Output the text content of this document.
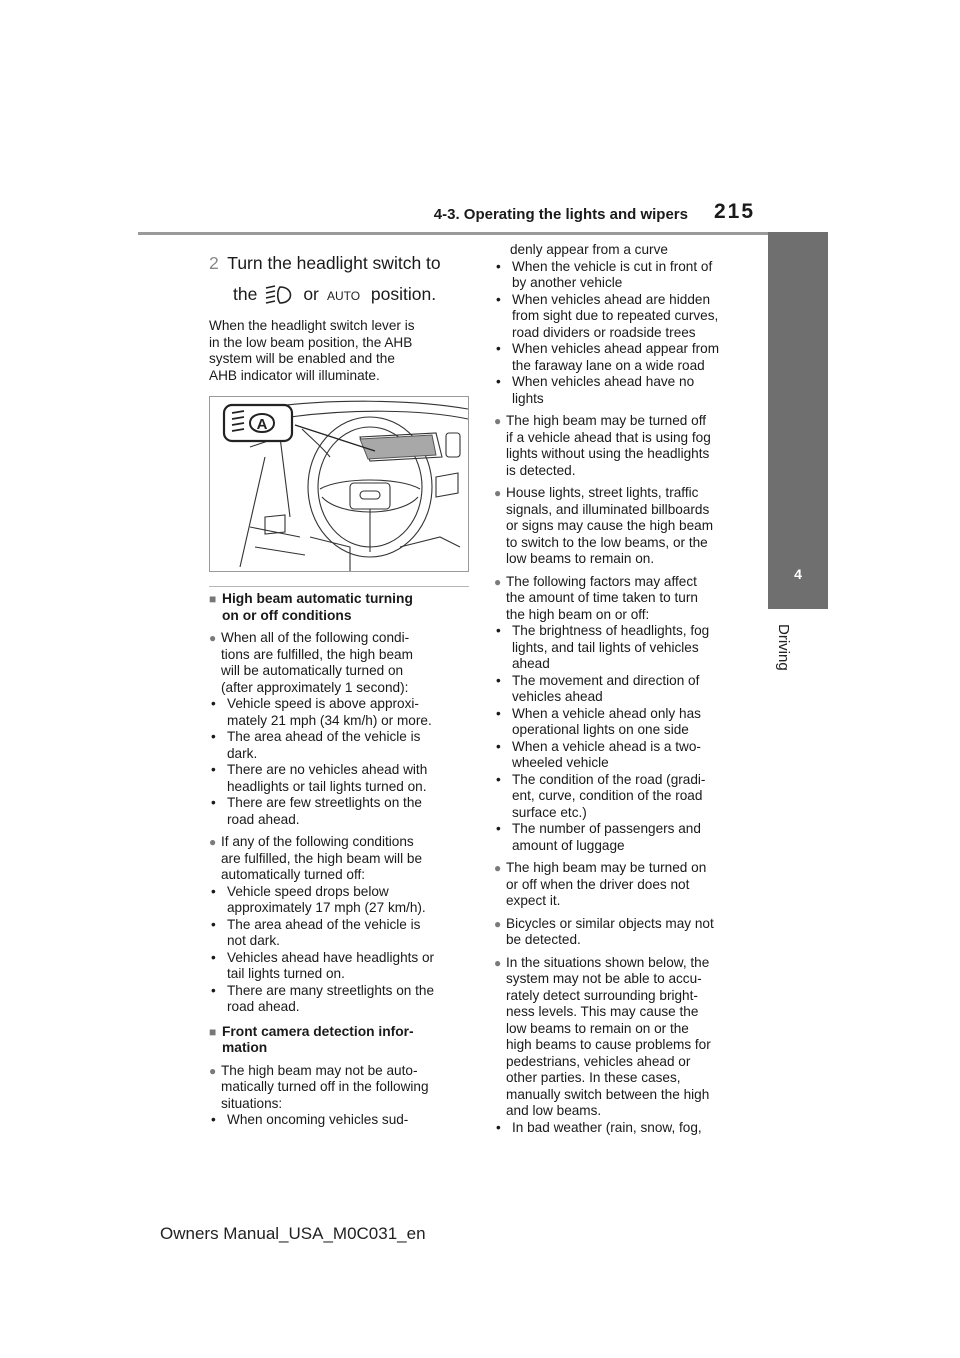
4-3. Operating the lights and wipers 215
4
Driving
2 Turn the headlight switch to
the	or AUTO position.
When the headlight switch lever is
in the low beam position, the AHB
system will be enabled and the
AHB indicator will illuminate.
A
■ High beam automatic turning
on or off conditions
● When all of the following condi-
tions are fulfilled, the high beam
will be automatically turned on
(after approximately 1 second):
• Vehicle speed is above approxi-
mately 21 mph (34 km/h) or more.
• The area ahead of the vehicle is
dark.
• There are no vehicles ahead with
headlights or tail lights turned on.
• There are few streetlights on the
road ahead.
● If any of the following conditions
are fulfilled, the high beam will be
automatically turned off:
• Vehicle speed drops below
approximately 17 mph (27 km/h).
• The area ahead of the vehicle is
not dark.
• Vehicles ahead have headlights or
tail lights turned on.
• There are many streetlights on the
road ahead.
■ Front camera detection infor-
mation
● The high beam may not be auto-
matically turned off in the following
situations:
• When oncoming vehicles sud-
denly appear from a curve
• When the vehicle is cut in front of
by another vehicle
• When vehicles ahead are hidden
from sight due to repeated curves,
road dividers or roadside trees
• When vehicles ahead appear from
the faraway lane on a wide road
• When vehicles ahead have no
lights
● The high beam may be turned off
if a vehicle ahead that is using fog
lights without using the headlights
is detected.
● House lights, street lights, traffic
signals, and illuminated billboards
or signs may cause the high beam
to switch to the low beams, or the
low beams to remain on.
● The following factors may affect
the amount of time taken to turn
the high beam on or off:
• The brightness of headlights, fog
lights, and tail lights of vehicles
ahead
• The movement and direction of
vehicles ahead
• When a vehicle ahead only has
operational lights on one side
• When a vehicle ahead is a two-
wheeled vehicle
• The condition of the road (gradi-
ent, curve, condition of the road
surface etc.)
• The number of passengers and
amount of luggage
● The high beam may be turned on
or off when the driver does not
expect it.
● Bicycles or similar objects may not
be detected.
● In the situations shown below, the
system may not be able to accu-
rately detect surrounding bright-
ness levels. This may cause the
low beams to remain on or the
high beams to cause problems for
pedestrians, vehicles ahead or
other parties. In these cases,
manually switch between the high
and low beams.
• In bad weather (rain, snow, fog,
Owners Manual_USA_M0C031_en
